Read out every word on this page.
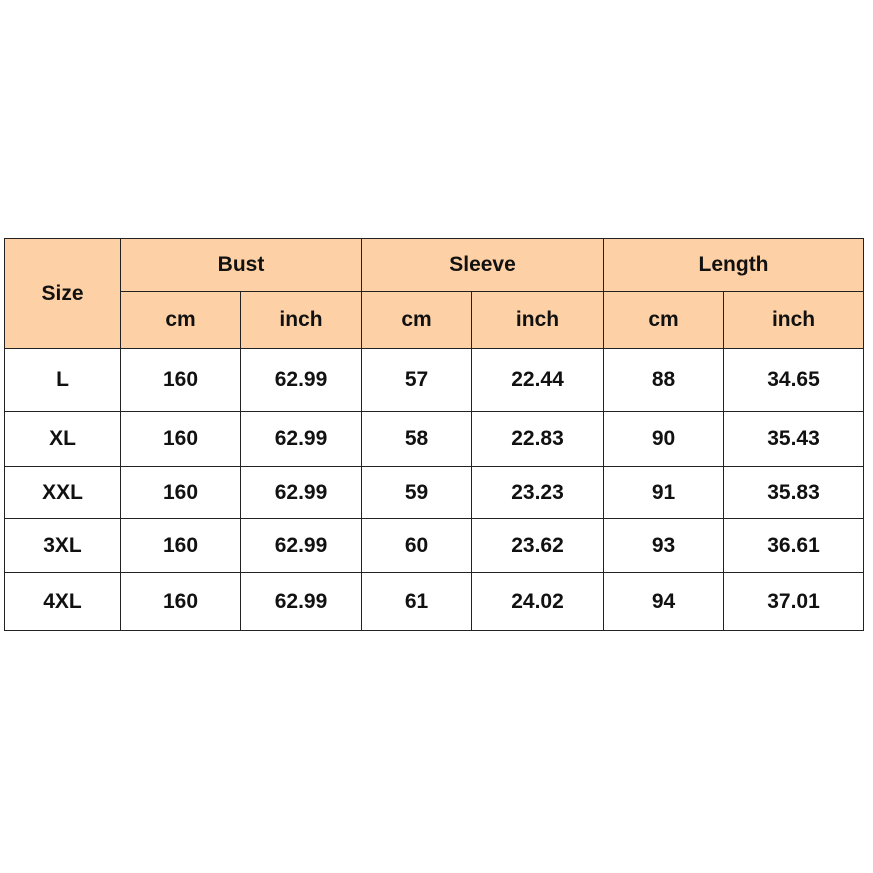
Size	Bust		Sleeve		Length	
	cm	inch	cm	inch	cm	inch
L	160	62.99	57	22.44	88	34.65
XL	160	62.99	58	22.83	90	35.43
XXL	160	62.99	59	23.23	91	35.83
3XL	160	62.99	60	23.62	93	36.61
4XL	160	62.99	61	24.02	94	37.01
